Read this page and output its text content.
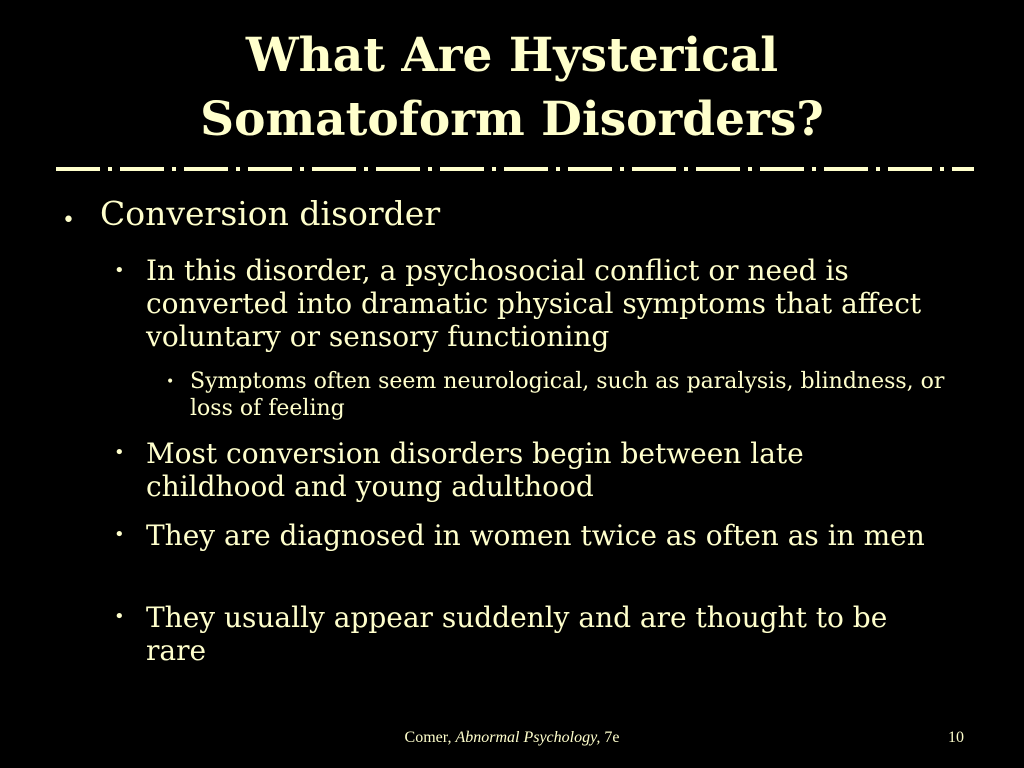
What Are Hysterical
Somatoform Disorders?
• Conversion disorder
• In this disorder, a psychosocial conflict or need is converted into dramatic physical symptoms that affect voluntary or sensory functioning
• Symptoms often seem neurological, such as paralysis, blindness, or loss of feeling
• Most conversion disorders begin between late childhood and young adulthood
• They are diagnosed in women twice as often as in men
• They usually appear suddenly and are thought to be rare
Comer, Abnormal Psychology, 7e	10
